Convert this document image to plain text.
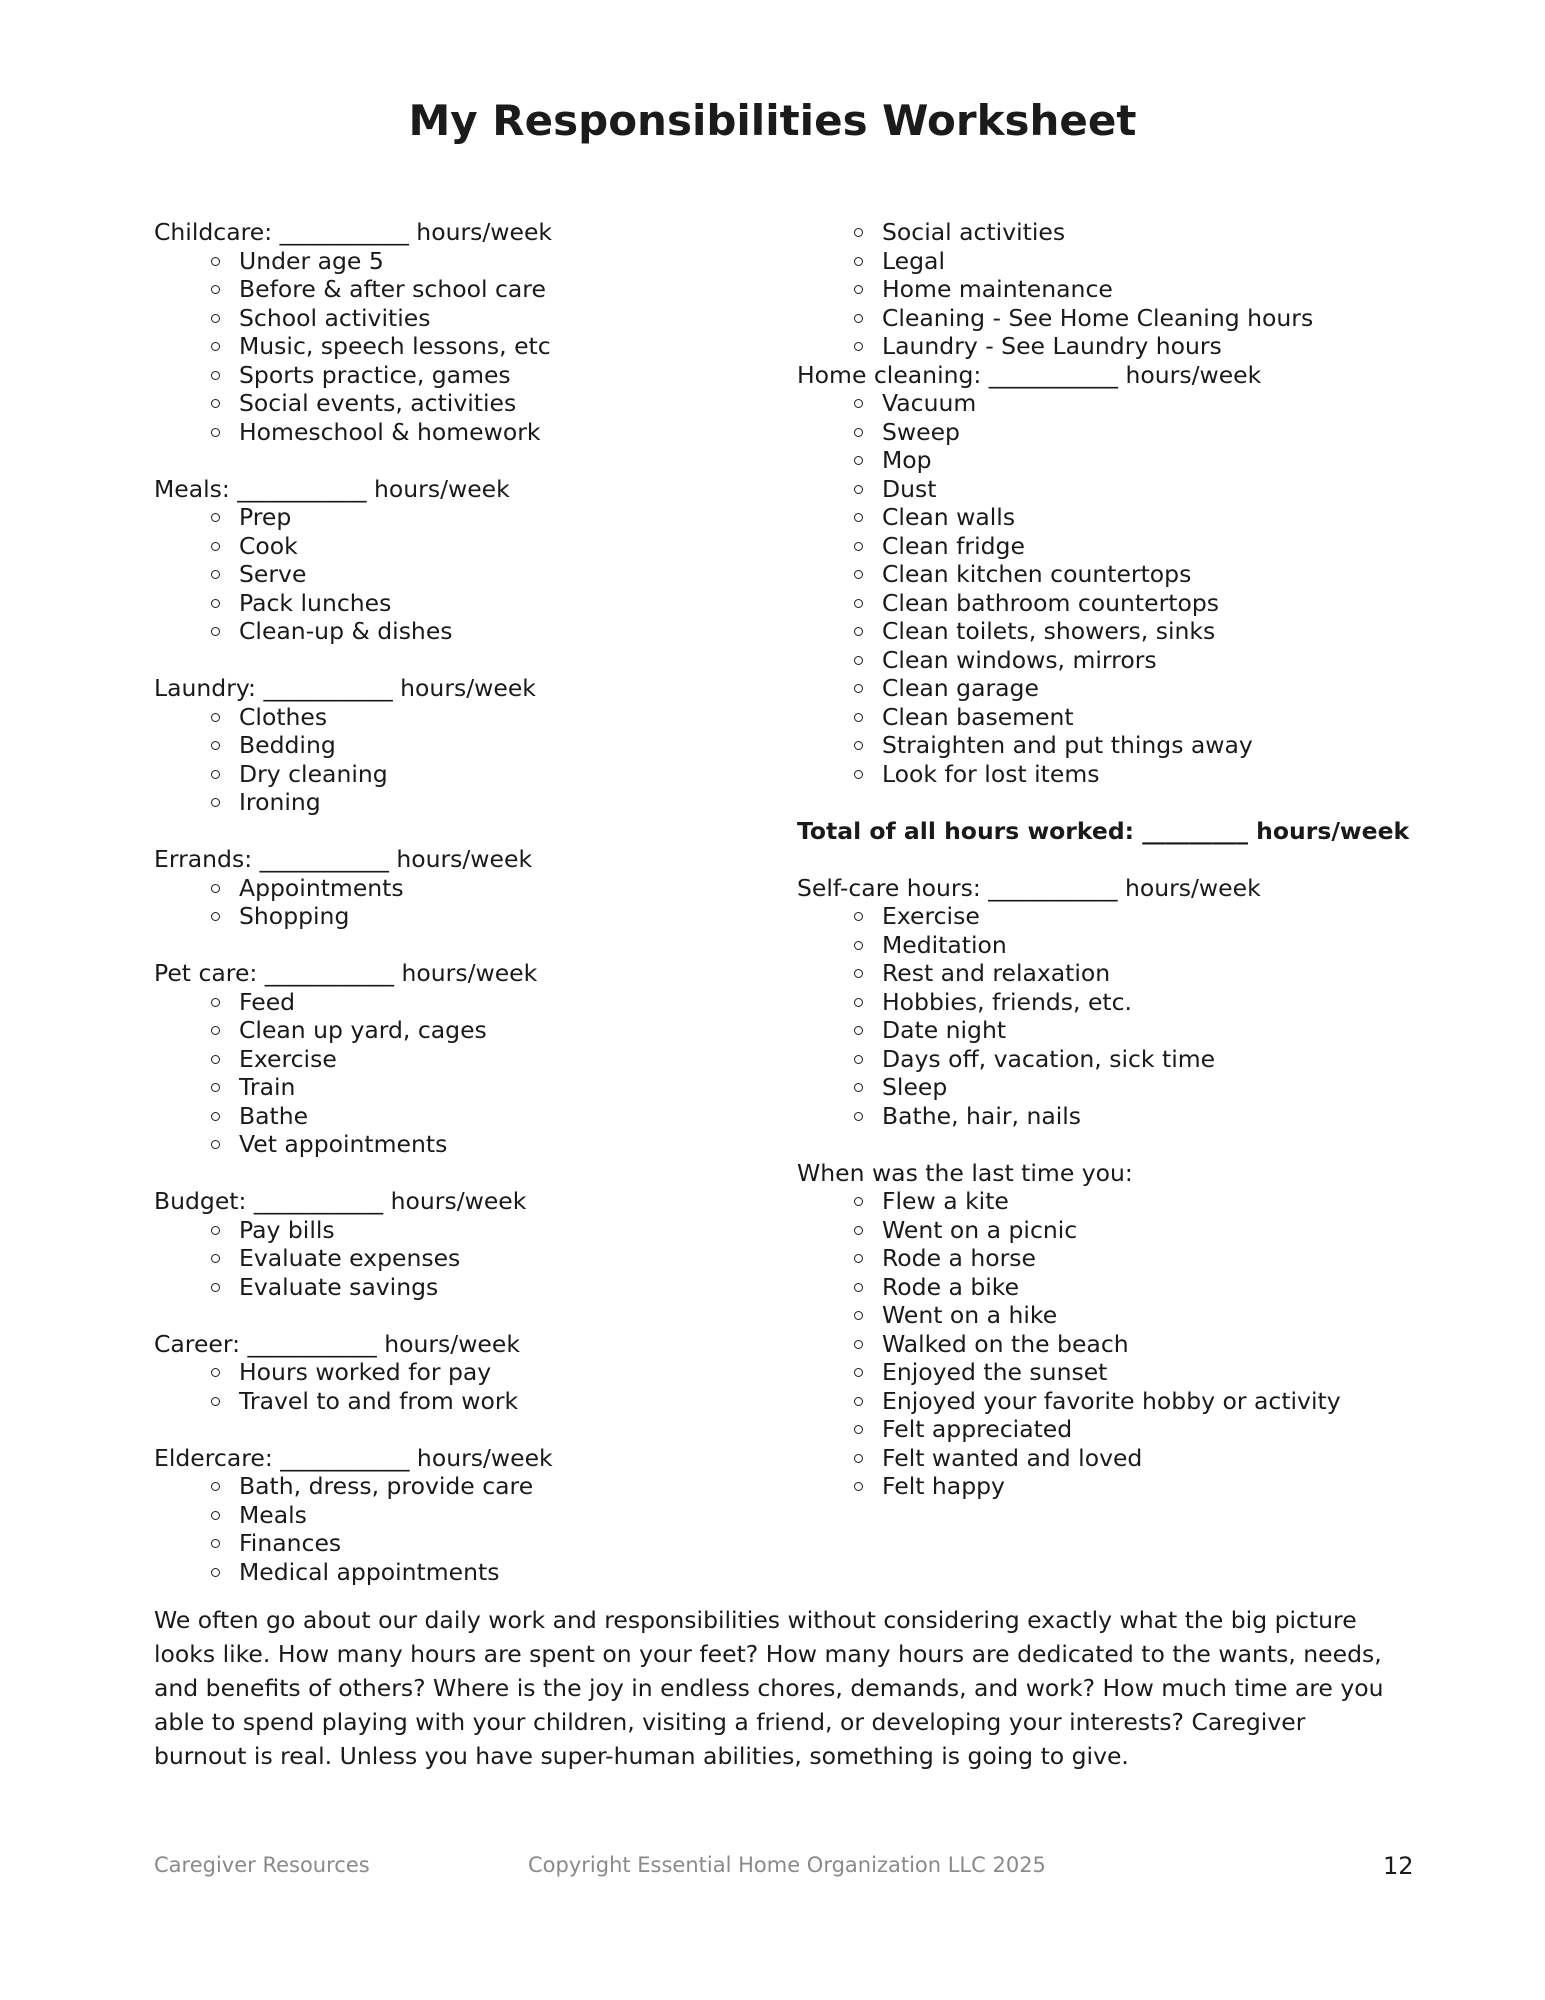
My Responsibilities Worksheet
Childcare: ___________ hours/week
Under age 5
Before & after school care
School activities
Music, speech lessons, etc
Sports practice, games
Social events, activities
Homeschool & homework
Meals: ___________ hours/week
Prep
Cook
Serve
Pack lunches
Clean-up & dishes
Laundry: ___________ hours/week
Clothes
Bedding
Dry cleaning
Ironing
Errands: ___________ hours/week
Appointments
Shopping
Pet care: ___________ hours/week
Feed
Clean up yard, cages
Exercise
Train
Bathe
Vet appointments
Budget: ___________ hours/week
Pay bills
Evaluate expenses
Evaluate savings
Career: ___________ hours/week
Hours worked for pay
Travel to and from work
Eldercare: ___________ hours/week
Bath, dress, provide care
Meals
Finances
Medical appointments
Social activities
Legal
Home maintenance
Cleaning - See Home Cleaning hours
Laundry - See Laundry hours
Home cleaning: ___________ hours/week
Vacuum
Sweep
Mop
Dust
Clean walls
Clean fridge
Clean kitchen countertops
Clean bathroom countertops
Clean toilets, showers, sinks
Clean windows, mirrors
Clean garage
Clean basement
Straighten and put things away
Look for lost items
Total of all hours worked: _________ hours/week
Self-care hours: ___________ hours/week
Exercise
Meditation
Rest and relaxation
Hobbies, friends, etc.
Date night
Days off, vacation, sick time
Sleep
Bathe, hair, nails
When was the last time you:
Flew a kite
Went on a picnic
Rode a horse
Rode a bike
Went on a hike
Walked on the beach
Enjoyed the sunset
Enjoyed your favorite hobby or activity
Felt appreciated
Felt wanted and loved
Felt happy

We often go about our daily work and responsibilities without considering exactly what the big picture looks like. How many hours are spent on your feet? How many hours are dedicated to the wants, needs, and benefits of others? Where is the joy in endless chores, demands, and work? How much time are you able to spend playing with your children, visiting a friend, or developing your interests? Caregiver burnout is real. Unless you have super-human abilities, something is going to give.

Caregiver Resources	Copyright Essential Home Organization LLC 2025	12
